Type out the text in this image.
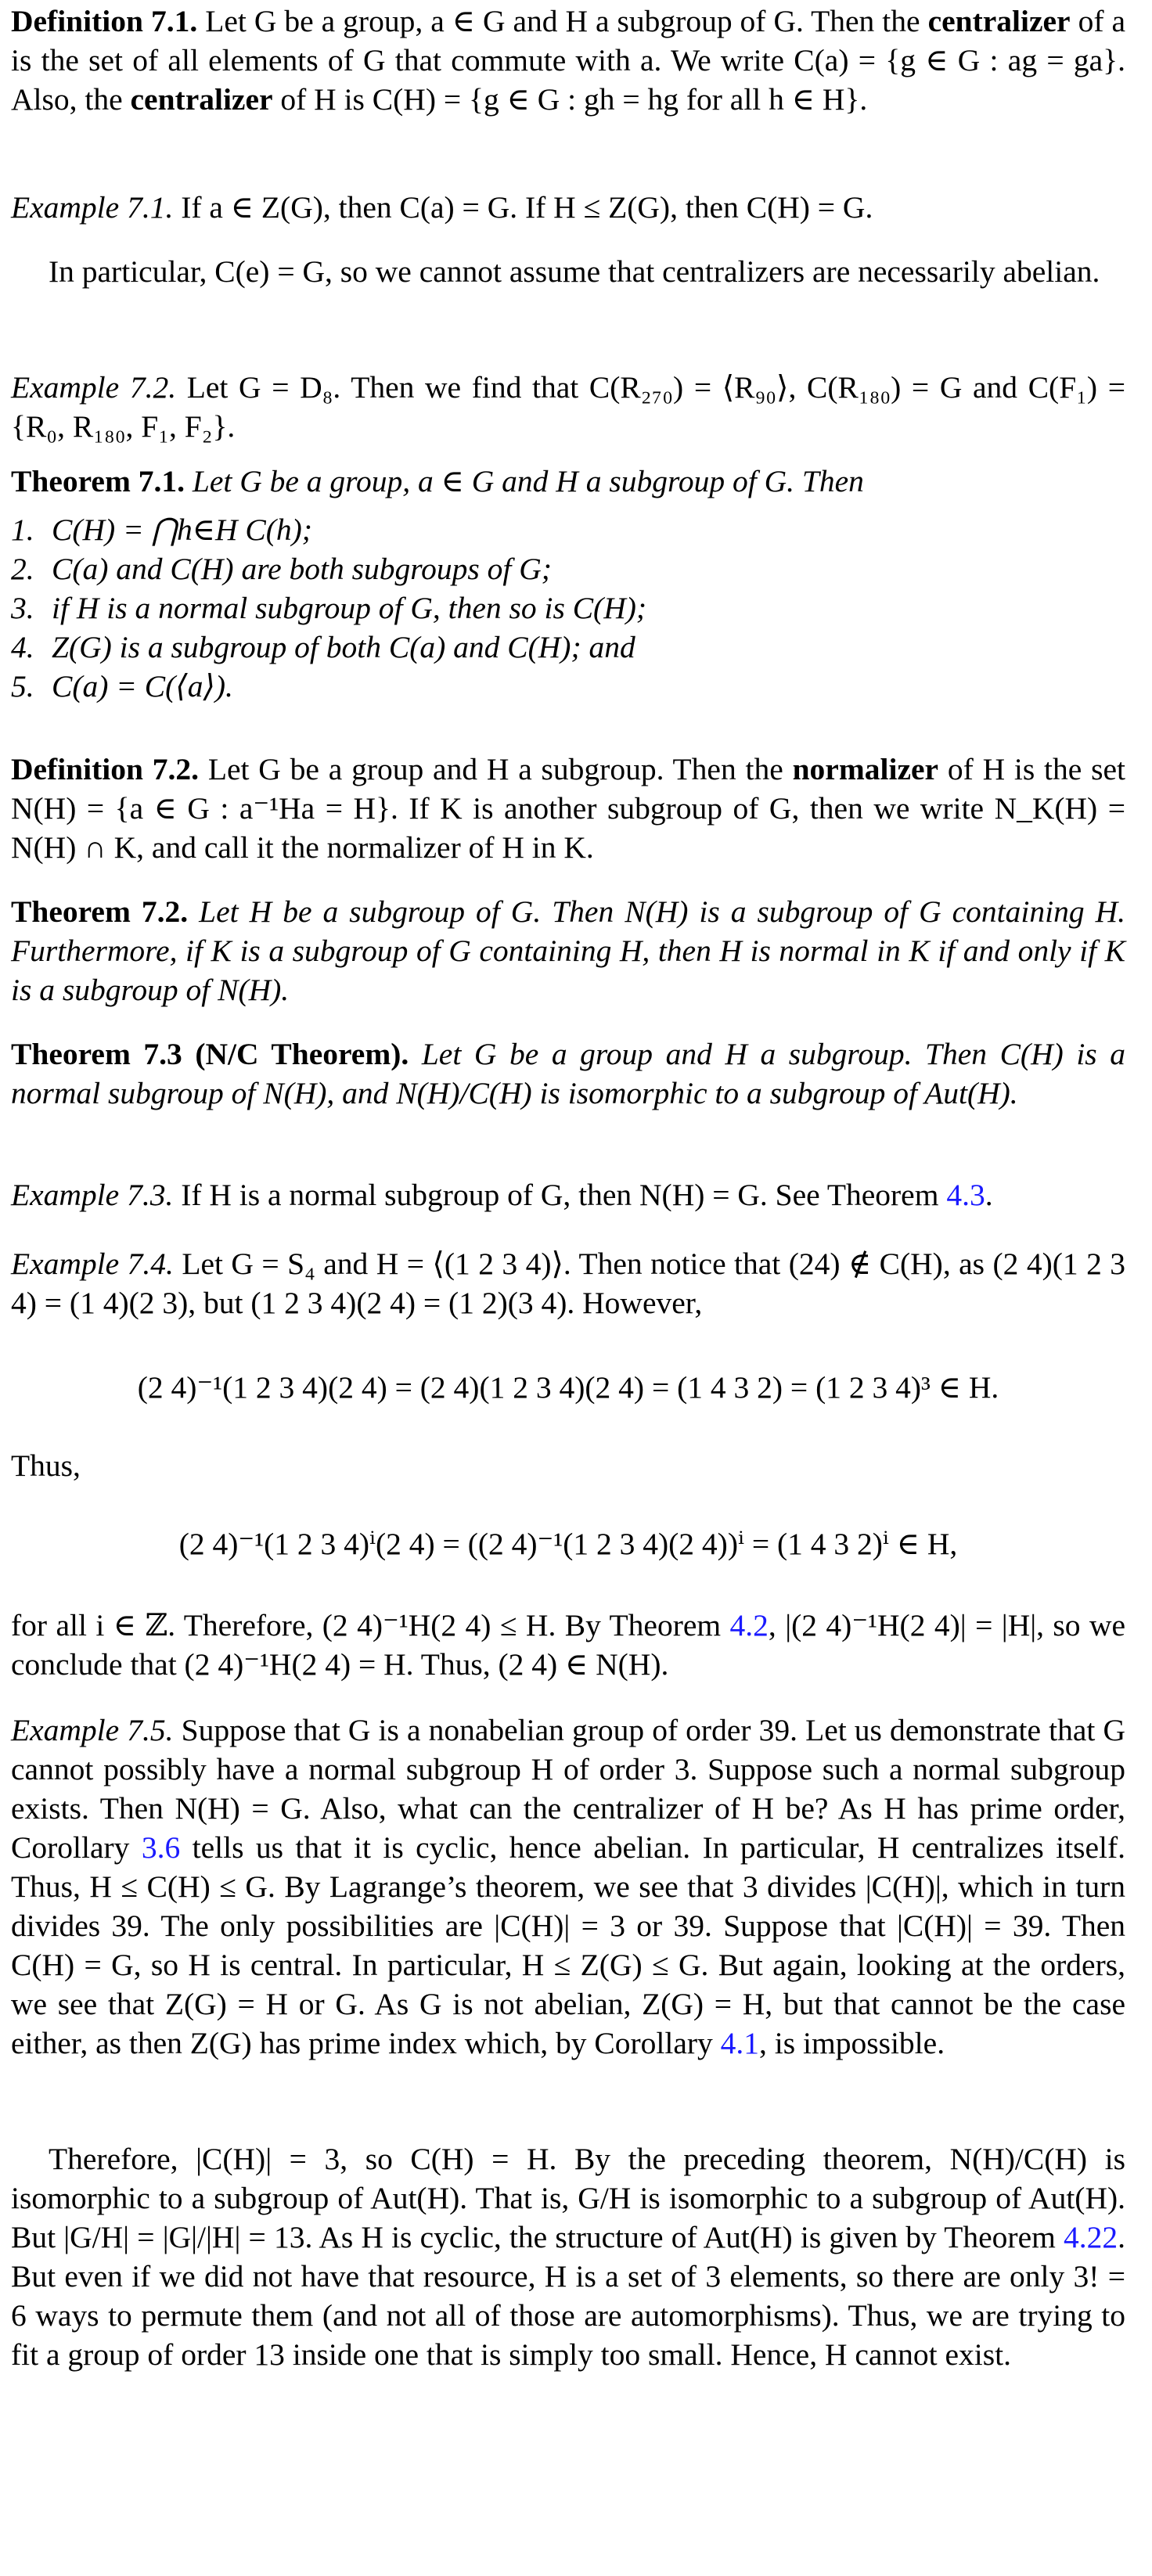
Definition 7.1. Let G be a group, a ∈ G and H a subgroup of G. Then the centralizer of a is the set of all elements of G that commute with a. We write C(a) = {g ∈ G : ag = ga}. Also, the centralizer of H is C(H) = {g ∈ G : gh = hg for all h ∈ H}.

Example 7.1. If a ∈ Z(G), then C(a) = G. If H ≤ Z(G), then C(H) = G.

In particular, C(e) = G, so we cannot assume that centralizers are necessarily abelian.

Example 7.2. Let G = D₈. Then we find that C(R₂₇₀) = ⟨R₉₀⟩, C(R₁₈₀) = G and C(F₁) = {R₀, R₁₈₀, F₁, F₂}.

Theorem 7.1. Let G be a group, a ∈ G and H a subgroup of G. Then

1. C(H) = ⋂h∈H C(h);
2. C(a) and C(H) are both subgroups of G;
3. if H is a normal subgroup of G, then so is C(H);
4. Z(G) is a subgroup of both C(a) and C(H); and
5. C(a) = C(⟨a⟩).

Definition 7.2. Let G be a group and H a subgroup. Then the normalizer of H is the set N(H) = {a ∈ G : a⁻¹Ha = H}. If K is another subgroup of G, then we write N_K(H) = N(H) ∩ K, and call it the normalizer of H in K.

Theorem 7.2. Let H be a subgroup of G. Then N(H) is a subgroup of G containing H. Furthermore, if K is a subgroup of G containing H, then H is normal in K if and only if K is a subgroup of N(H).

Theorem 7.3 (N/C Theorem). Let G be a group and H a subgroup. Then C(H) is a normal subgroup of N(H), and N(H)/C(H) is isomorphic to a subgroup of Aut(H).

Example 7.3. If H is a normal subgroup of G, then N(H) = G. See Theorem 4.3.

Example 7.4. Let G = S₄ and H = ⟨(1 2 3 4)⟩. Then notice that (24) ∉ C(H), as (2 4)(1 2 3 4) = (1 4)(2 3), but (1 2 3 4)(2 4) = (1 2)(3 4). However,

(2 4)⁻¹(1 2 3 4)(2 4) = (2 4)(1 2 3 4)(2 4) = (1 4 3 2) = (1 2 3 4)³ ∈ H.

Thus,

(2 4)⁻¹(1 2 3 4)ⁱ(2 4) = ((2 4)⁻¹(1 2 3 4)(2 4))ⁱ = (1 4 3 2)ⁱ ∈ H,

for all i ∈ ℤ. Therefore, (2 4)⁻¹H(2 4) ≤ H. By Theorem 4.2, |(2 4)⁻¹H(2 4)| = |H|, so we conclude that (2 4)⁻¹H(2 4) = H. Thus, (2 4) ∈ N(H).

Example 7.5. Suppose that G is a nonabelian group of order 39. Let us demonstrate that G cannot possibly have a normal subgroup H of order 3. Suppose such a normal subgroup exists. Then N(H) = G. Also, what can the centralizer of H be? As H has prime order, Corollary 3.6 tells us that it is cyclic, hence abelian. In particular, H centralizes itself. Thus, H ≤ C(H) ≤ G. By Lagrange’s theorem, we see that 3 divides |C(H)|, which in turn divides 39. The only possibilities are |C(H)| = 3 or 39. Suppose that |C(H)| = 39. Then C(H) = G, so H is central. In particular, H ≤ Z(G) ≤ G. But again, looking at the orders, we see that Z(G) = H or G. As G is not abelian, Z(G) = H, but that cannot be the case either, as then Z(G) has prime index which, by Corollary 4.1, is impossible.

Therefore, |C(H)| = 3, so C(H) = H. By the preceding theorem, N(H)/C(H) is isomorphic to a subgroup of Aut(H). That is, G/H is isomorphic to a subgroup of Aut(H). But |G/H| = |G|/|H| = 13. As H is cyclic, the structure of Aut(H) is given by Theorem 4.22. But even if we did not have that resource, H is a set of 3 elements, so there are only 3! = 6 ways to permute them (and not all of those are automorphisms). Thus, we are trying to fit a group of order 13 inside one that is simply too small. Hence, H cannot exist.
